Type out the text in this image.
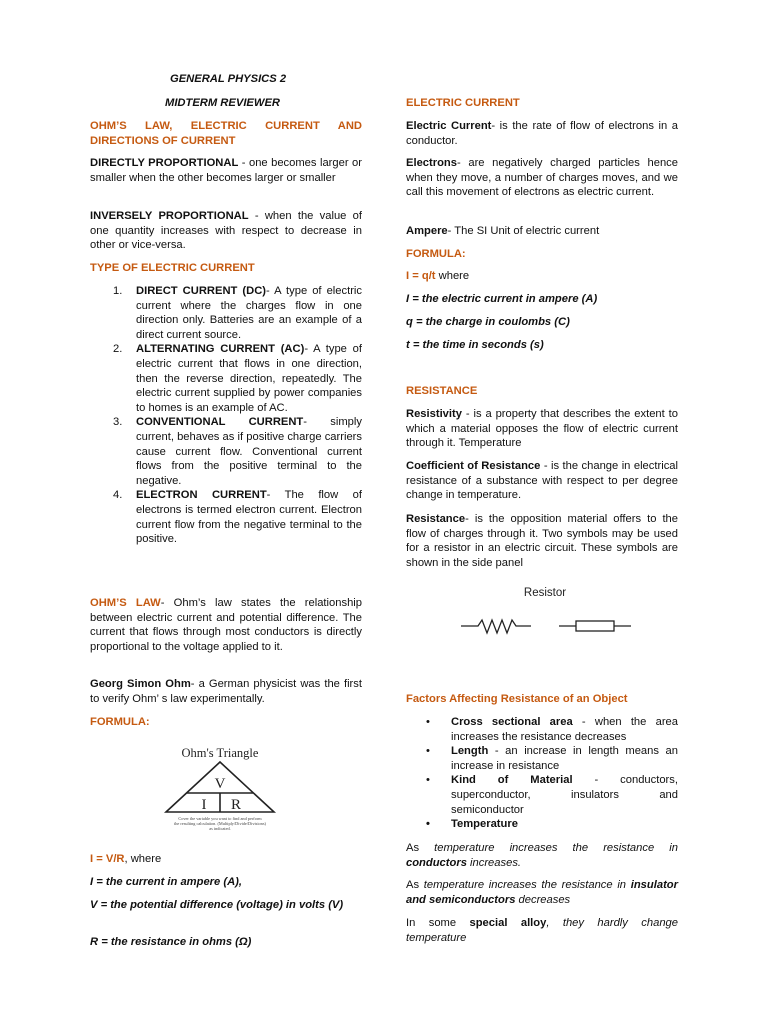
GENERAL PHYSICS 2
MIDTERM REVIEWER
OHM’S LAW, ELECTRIC CURRENT AND DIRECTIONS OF CURRENT

DIRECTLY PROPORTIONAL - one becomes larger or smaller when the other becomes larger or smaller

INVERSELY PROPORTIONAL - when the value of one quantity increases with respect to decrease in other or vice-versa.

TYPE OF ELECTRIC CURRENT
1. DIRECT CURRENT (DC)- A type of electric current where the charges flow in one direction only. Batteries are an example of a direct current source.
2. ALTERNATING CURRENT (AC)- A type of electric current that flows in one direction, then the reverse direction, repeatedly. The electric current supplied by power companies to homes is an example of AC.
3. CONVENTIONAL CURRENT- simply current, behaves as if positive charge carriers cause current flow. Conventional current flows from the positive terminal to the negative.
4. ELECTRON CURRENT- The flow of electrons is termed electron current. Electron current flow from the negative terminal to the positive.

OHM’S LAW- Ohm’s law states the relationship between electric current and potential difference. The current that flows through most conductors is directly proportional to the voltage applied to it.

Georg Simon Ohm- a German physicist was the first to verify Ohm’ s law experimentally.

FORMULA:
Ohm's Triangle
V
I R
Cover the variable you want to find and perform
the resulting calculation. (Multiply/Divide/Divisions)
as indicated.

I = V/R, where

I = the current in ampere (A),

V = the potential difference (voltage) in volts (V)

R = the resistance in ohms (Ω)

ELECTRIC CURRENT

Electric Current- is the rate of flow of electrons in a conductor.

Electrons- are negatively charged particles hence when they move, a number of charges moves, and we call this movement of electrons as electric current.

Ampere- The SI Unit of electric current

FORMULA:

I = q/t where

I = the electric current in ampere (A)

q = the charge in coulombs (C)

t = the time in seconds (s)

RESISTANCE

Resistivity - is a property that describes the extent to which a material opposes the flow of electric current through it. Temperature

Coefficient of Resistance - is the change in electrical resistance of a substance with respect to per degree change in temperature.

Resistance- is the opposition material offers to the flow of charges through it. Two symbols may be used for a resistor in an electric circuit. These symbols are shown in the side panel

Resistor
Factors Affecting Resistance of an Object
• Cross sectional area - when the area increases the resistance decreases
• Length - an increase in length means an increase in resistance
• Kind of Material - conductors, superconductor, insulators and semiconductor
• Temperature

As temperature increases the resistance in conductors increases.

As temperature increases the resistance in insulator and semiconductors decreases

In some special alloy, they hardly change temperature
